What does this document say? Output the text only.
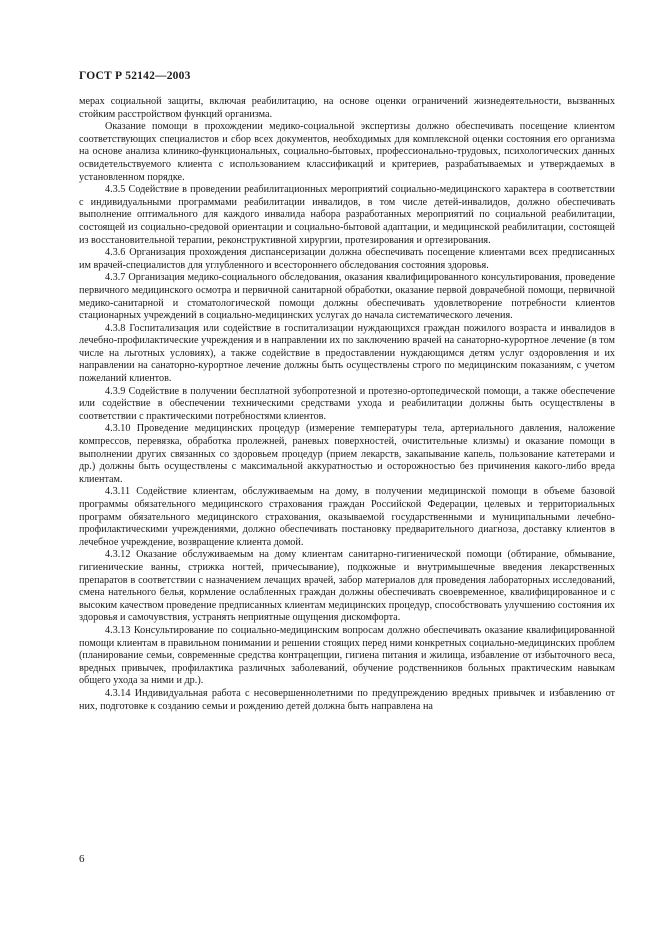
ГОСТ Р 52142—2003

мерах социальной защиты, включая реабилитацию, на основе оценки ограничений жизнедеятельности, вызванных стойким расстройством функций организма.

Оказание помощи в прохождении медико-социальной экспертизы должно обеспечивать посещение клиентом соответствующих специалистов и сбор всех документов, необходимых для комплексной оценки состояния его организма на основе анализа клинико-функциональных, социально-бытовых, профессионально-трудовых, психологических данных освидетельствуемого клиента с использованием классификаций и критериев, разрабатываемых и утверждаемых в установленном порядке.

4.3.5 Содействие в проведении реабилитационных мероприятий социально-медицинского характера в соответствии с индивидуальными программами реабилитации инвалидов, в том числе детей-инвалидов, должно обеспечивать выполнение оптимального для каждого инвалида набора разработанных мероприятий по социальной реабилитации, состоящей из социально-средовой ориентации и социально-бытовой адаптации, и медицинской реабилитации, состоящей из восстановительной терапии, реконструктивной хирургии, протезирования и ортезирования.

4.3.6 Организация прохождения диспансеризации должна обеспечивать посещение клиентами всех предписанных им врачей-специалистов для углубленного и всестороннего обследования состояния здоровья.

4.3.7 Организация медико-социального обследования, оказания квалифицированного консультирования, проведение первичного медицинского осмотра и первичной санитарной обработки, оказание первой доврачебной помощи, первичной медико-санитарной и стоматологической помощи должны обеспечивать удовлетворение потребности клиентов стационарных учреждений в социально-медицинских услугах до начала систематического лечения.

4.3.8 Госпитализация или содействие в госпитализации нуждающихся граждан пожилого возраста и инвалидов в лечебно-профилактические учреждения и в направлении их по заключению врачей на санаторно-курортное лечение (в том числе на льготных условиях), а также содействие в предоставлении нуждающимся детям услуг оздоровления и их направлении на санаторно-курортное лечение должны быть осуществлены строго по медицинским показаниям, с учетом пожеланий клиентов.

4.3.9 Содействие в получении бесплатной зубопротезной и протезно-ортопедической помощи, а также обеспечение или содействие в обеспечении техническими средствами ухода и реабилитации должны быть осуществлены в соответствии с практическими потребностями клиентов.

4.3.10 Проведение медицинских процедур (измерение температуры тела, артериального давления, наложение компрессов, перевязка, обработка пролежней, раневых поверхностей, очистительные клизмы) и оказание помощи в выполнении других связанных со здоровьем процедур (прием лекарств, закапывание капель, пользование катетерами и др.) должны быть осуществлены с максимальной аккуратностью и осторожностью без причинения какого-либо вреда клиентам.

4.3.11 Содействие клиентам, обслуживаемым на дому, в получении медицинской помощи в объеме базовой программы обязательного медицинского страхования граждан Российской Федерации, целевых и территориальных программ обязательного медицинского страхования, оказываемой государственными и муниципальными лечебно-профилактическими учреждениями, должно обеспечивать постановку предварительного диагноза, доставку клиентов в лечебное учреждение, возвращение клиента домой.

4.3.12 Оказание обслуживаемым на дому клиентам санитарно-гигиенической помощи (обтирание, обмывание, гигиенические ванны, стрижка ногтей, причесывание), подкожные и внутримышечные введения лекарственных препаратов в соответствии с назначением лечащих врачей, забор материалов для проведения лабораторных исследований, смена нательного белья, кормление ослабленных граждан должны обеспечивать своевременное, квалифицированное и с высоким качеством проведение предписанных клиентам медицинских процедур, способствовать улучшению состояния их здоровья и самочувствия, устранять неприятные ощущения дискомфорта.

4.3.13 Консультирование по социально-медицинским вопросам должно обеспечивать оказание квалифицированной помощи клиентам в правильном понимании и решении стоящих перед ними конкретных социально-медицинских проблем (планирование семьи, современные средства контрацепции, гигиена питания и жилища, избавление от избыточного веса, вредных привычек, профилактика различных заболеваний, обучение родственников больных практическим навыкам общего ухода за ними и др.).

4.3.14 Индивидуальная работа с несовершеннолетними по предупреждению вредных привычек и избавлению от них, подготовке к созданию семьи и рождению детей должна быть направлена на

6
